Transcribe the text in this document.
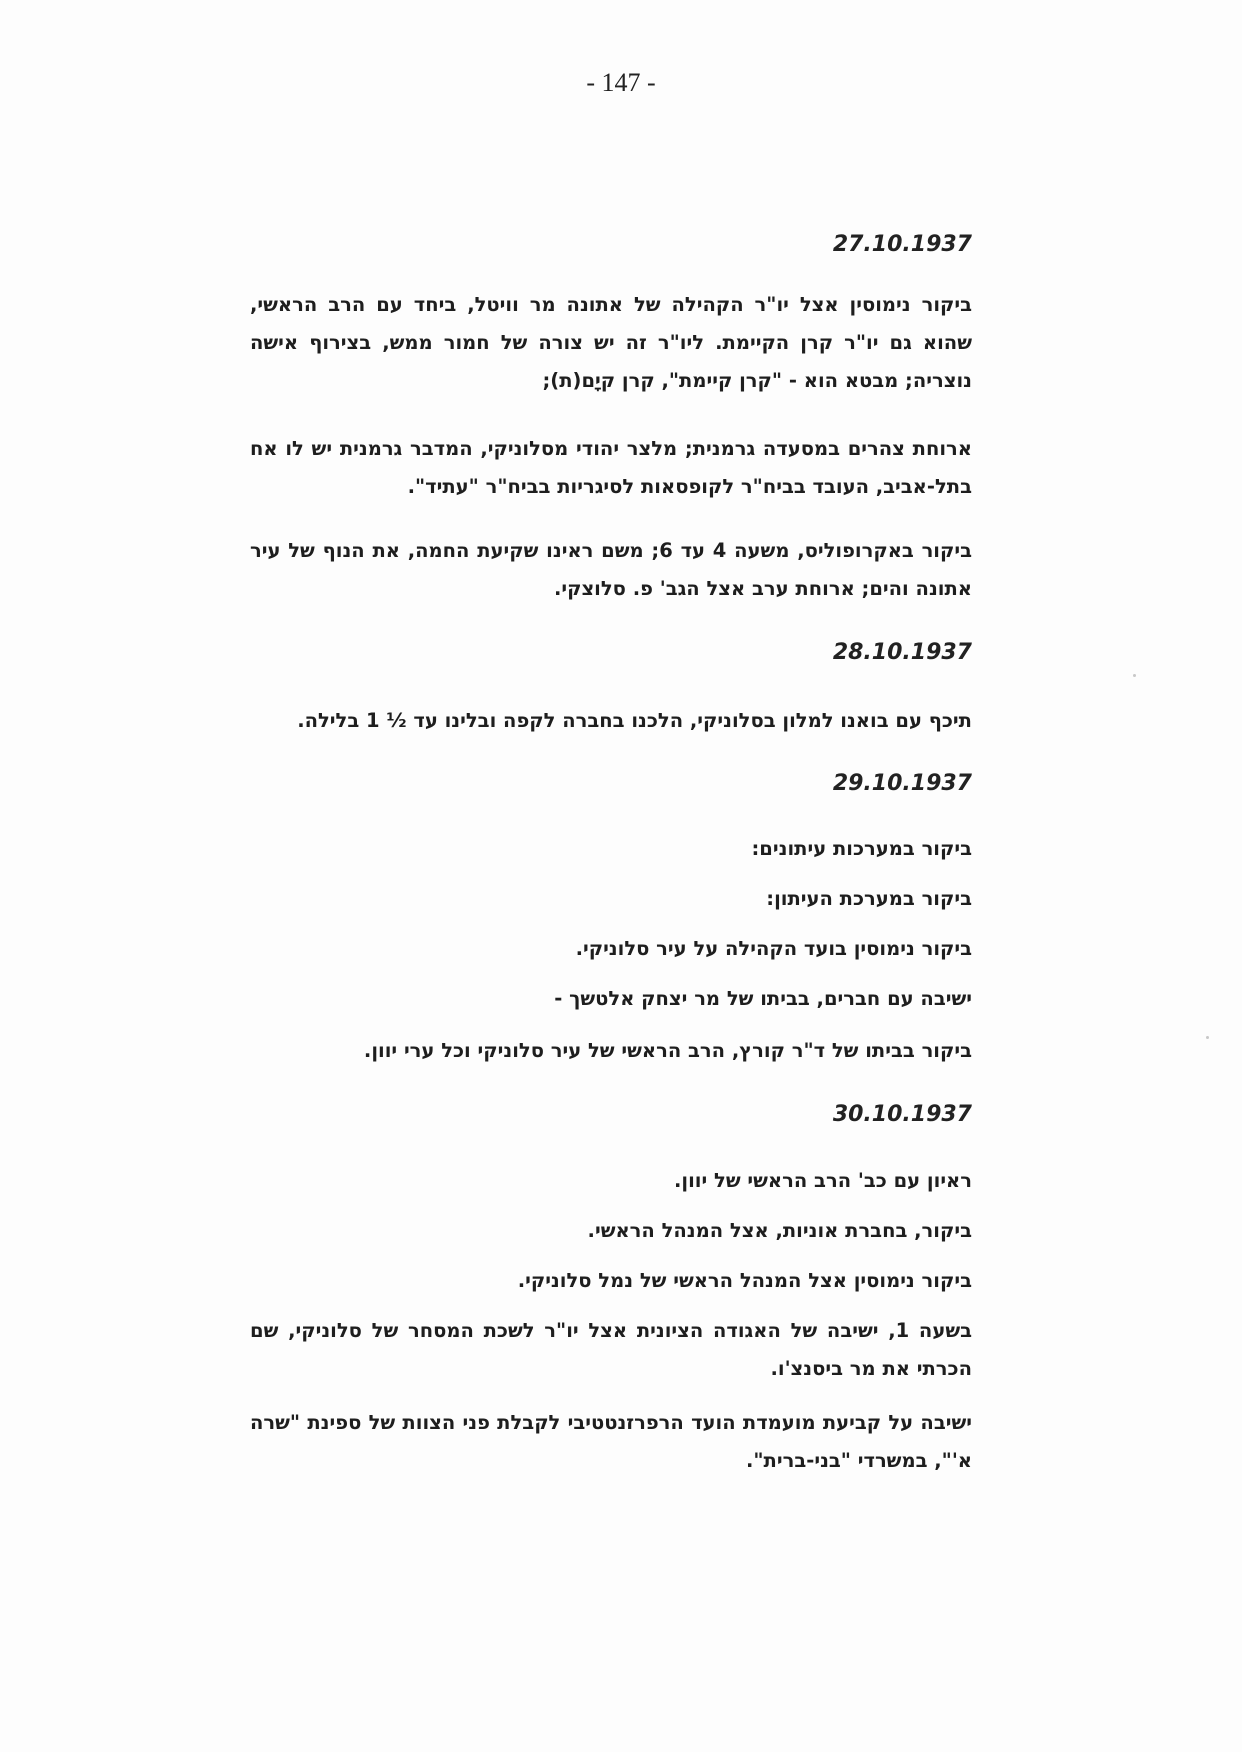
- 147 -
27.10.1937
ביקור נימוסין אצל יו"ר הקהילה של אתונה מר וויטל, ביחד עם הרב הראשי, שהוא גם יו"ר קרן הקיימת. ליו"ר זה יש צורה של חמור ממש, בצירוף אישה נוצריה; מבטא הוא - "קרן קיימת", קרן קיָם(ת);
ארוחת צהרים במסעדה גרמנית; מלצר יהודי מסלוניקי, המדבר גרמנית יש לו אח בתל-אביב, העובד בביח"ר לקופסאות לסיגריות בביח"ר "עתיד".
ביקור באקרופוליס, משעה 4 עד 6; משם ראינו שקיעת החמה, את הנוף של עיר אתונה והים; ארוחת ערב אצל הגב' פ. סלוצקי.
28.10.1937
תיכף עם בואנו למלון בסלוניקי, הלכנו בחברה לקפה ובלינו עד ½ 1 בלילה.
29.10.1937
ביקור במערכות עיתונים:
ביקור במערכת העיתון:
ביקור נימוסין בועד הקהילה על עיר סלוניקי.
ישיבה עם חברים, בביתו של מר יצחק אלטשך -
ביקור בביתו של ד"ר קורץ, הרב הראשי של עיר סלוניקי וכל ערי יוון.
30.10.1937
ראיון עם כב' הרב הראשי של יוון.
ביקור, בחברת אוניות, אצל המנהל הראשי.
ביקור נימוסין אצל המנהל הראשי של נמל סלוניקי.
בשעה 1, ישיבה של האגודה הציונית אצל יו"ר לשכת המסחר של סלוניקי, שם הכרתי את מר ביסנצ'ו.
ישיבה על קביעת מועמדת הועד הרפרזנטטיבי לקבלת פני הצוות של ספינת "שרה א'", במשרדי "בני-ברית".
